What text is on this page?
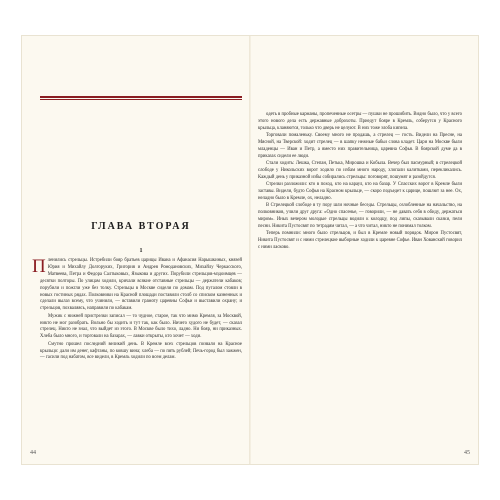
ГЛАВА ВТОРАЯ
1

Пленились стрельцы. Истребили бояр братьев царицы Ивана и Афанасия Нарышкиных, князей Юрия и Михайлу Долгоруких, Григория и Андрея Ромодановских, Михайлу Черкасского, Матвеева, Петра и Федора Салтыковых, Языкова и других. Порубили стрельцов-мздоимцев — десятки полторы. По улицам ходили, кричали всякие отставные стрельцы — держатели кабаков; порубили и пожгли уже без толку. Стрельцы в Москве сидели по домам. Под пугалом стояли в новых гостиных рядах. Полковники на Красной площади поставили столб со списком казненных и сделали вылаз всему, что учинили, — вставили грамоту царевны Софьи и выставили охрану; и стрельцов, похваляясь, направили по кабакам.

Мужик с нижней пристрелки записал — то чудное, старое, так что мимо Кремля, за Москвой, никто не мог разобрать. Вольно бы ходить и тут так, как было. Ничего худого не будет, — сказал стрелец. Никто не знал, что выйдет из этого. В Москве было тихо, ладно. Ни бояр, ни приказных. Хлеба было много, и торговали на базарах, — лавки открыты, кто хочет — ходи.

Смутно прошел последний великий день. В Кремле всех стрельцов позвали на Красное крыльцо: дали им денег, кафтаны, по ковшу вина; хлеба — по пять рублей; Печь-город был зажжен, — гасили под набатом, все видели, в Кремль ходили по всем делам.

44

одеть в пробные карманы, пропеченные осетры — пушки не прошибить. Видно было, что у всего этого нового дела есть державные доброхоты. Приедут бояре в Кремль, соберутся у Красного крыльца, кланяются, только что дверь не целуют. В них тоже злоба кипела.

Торговали помаленьку. Своему много не продашь, а стрелец — гость. Видели на Пресне, на Мясной, на Тверской: ходит стрелец — в шапку нежные бабьи слова кладет. Цари на Москве были младенцы — Иван и Петр, а вместо них правительница, царевна Софья. В боярской думе да в приказах сидели ее люди.

Стали ходить: Лешка, Степан, Петька, Мирошка и Кобыла. Вечер был пасмурный; в стрелецкой слободе у Никольских ворот ходило по избам много народу, хлопали калитками, перекликались. Каждый день у приказной избы собирались стрельцы: поговорят, пошумят и разойдутся.

Стрелки разложили: кто в поход, кто на караул, кто на базар. У Спасских ворот в Кремле были заставы. Видели, будто Софья на Красном крыльце, — скоро подъедет к царице, пошлют за нее. Ох, неладно было в Кремле, ох, неладно.

В Стрелецкой слободе в ту пору шли ночные беседы. Стрельцы, озлобленные на начальство, на полковников, учили друг друга: «Одно спасенье, — говорили, — не давать себя в обиду, держаться миром». Иных вечером молодые стрельцы водили к колодцу, под липы, сказывали сказки, пели песни. Никита Пустосвят по тетрадям читал, — а что читал, никто не понимал толком.

Теперь помнили: много было стрельцов, и был в Кремле новый порядок. Мирон Пустосвят, Никита Пустосвят и с ними стрелецкие выборные ходили к царевне Софье. Иван Хованский говорил с ними ласково.

45
